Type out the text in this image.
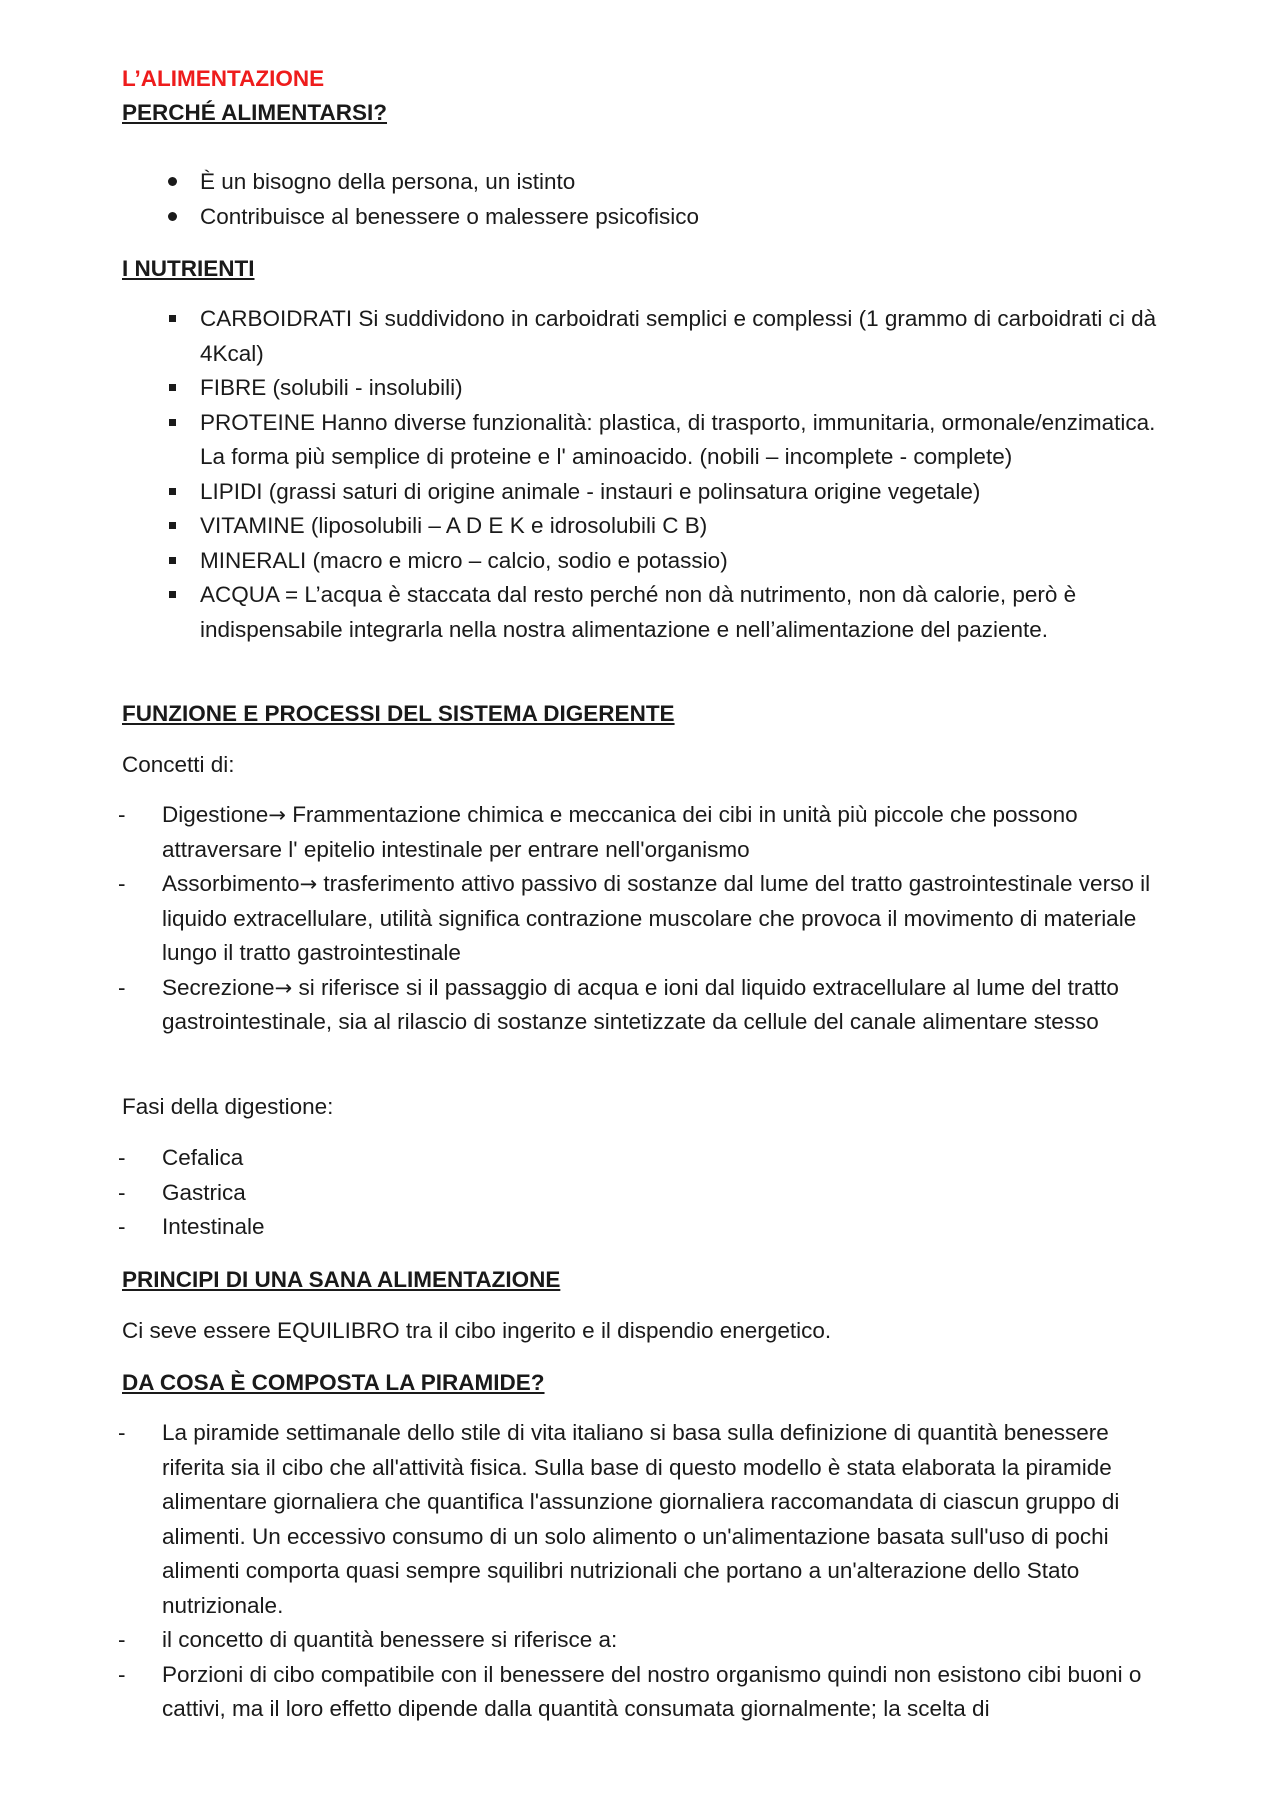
L’ALIMENTAZIONE
PERCHÉ ALIMENTARSI?
È un bisogno della persona, un istinto
Contribuisce al benessere o malessere psicofisico
I NUTRIENTI
CARBOIDRATI Si suddividono in carboidrati semplici e complessi (1 grammo di carboidrati ci dà 4Kcal)
FIBRE (solubili - insolubili)
PROTEINE Hanno diverse funzionalità: plastica, di trasporto, immunitaria, ormonale/enzimatica. La forma più semplice di proteine e l' aminoacido. (nobili – incomplete - complete)
LIPIDI (grassi saturi di origine animale - instauri e polinsatura origine vegetale)
VITAMINE (liposolubili – A D E K e idrosolubili C B)
MINERALI (macro e micro – calcio, sodio e potassio)
ACQUA = L’acqua è staccata dal resto perché non dà nutrimento, non dà calorie, però è indispensabile integrarla nella nostra alimentazione e nell’alimentazione del paziente.
FUNZIONE E PROCESSI DEL SISTEMA DIGERENTE

Concetti di:

-	Digestione→ Frammentazione chimica e meccanica dei cibi in unità più piccole che possono attraversare l' epitelio intestinale per entrare nell'organismo
-	Assorbimento→ trasferimento attivo passivo di sostanze dal lume del tratto gastrointestinale verso il liquido extracellulare, utilità significa contrazione muscolare che provoca il movimento di materiale lungo il tratto gastrointestinale
-	Secrezione→ si riferisce si il passaggio di acqua e ioni dal liquido extracellulare al lume del tratto gastrointestinale, sia al rilascio di sostanze sintetizzate da cellule del canale alimentare stesso

Fasi della digestione:

-	Cefalica
-	Gastrica
-	Intestinale
PRINCIPI DI UNA SANA ALIMENTAZIONE

Ci seve essere EQUILIBRO tra il cibo ingerito e il dispendio energetico.

DA COSA È COMPOSTA LA PIRAMIDE?
-	La piramide settimanale dello stile di vita italiano si basa sulla definizione di quantità benessere riferita sia il cibo che all'attività fisica. Sulla base di questo modello è stata elaborata la piramide alimentare giornaliera che quantifica l'assunzione giornaliera raccomandata di ciascun gruppo di alimenti. Un eccessivo consumo di un solo alimento o un'alimentazione basata sull'uso di pochi alimenti comporta quasi sempre squilibri nutrizionali che portano a un'alterazione dello Stato nutrizionale.
-	il concetto di quantità benessere si riferisce a:
-	Porzioni di cibo compatibile con il benessere del nostro organismo quindi non esistono cibi buoni o cattivi, ma il loro effetto dipende dalla quantità consumata giornalmente; la scelta di
